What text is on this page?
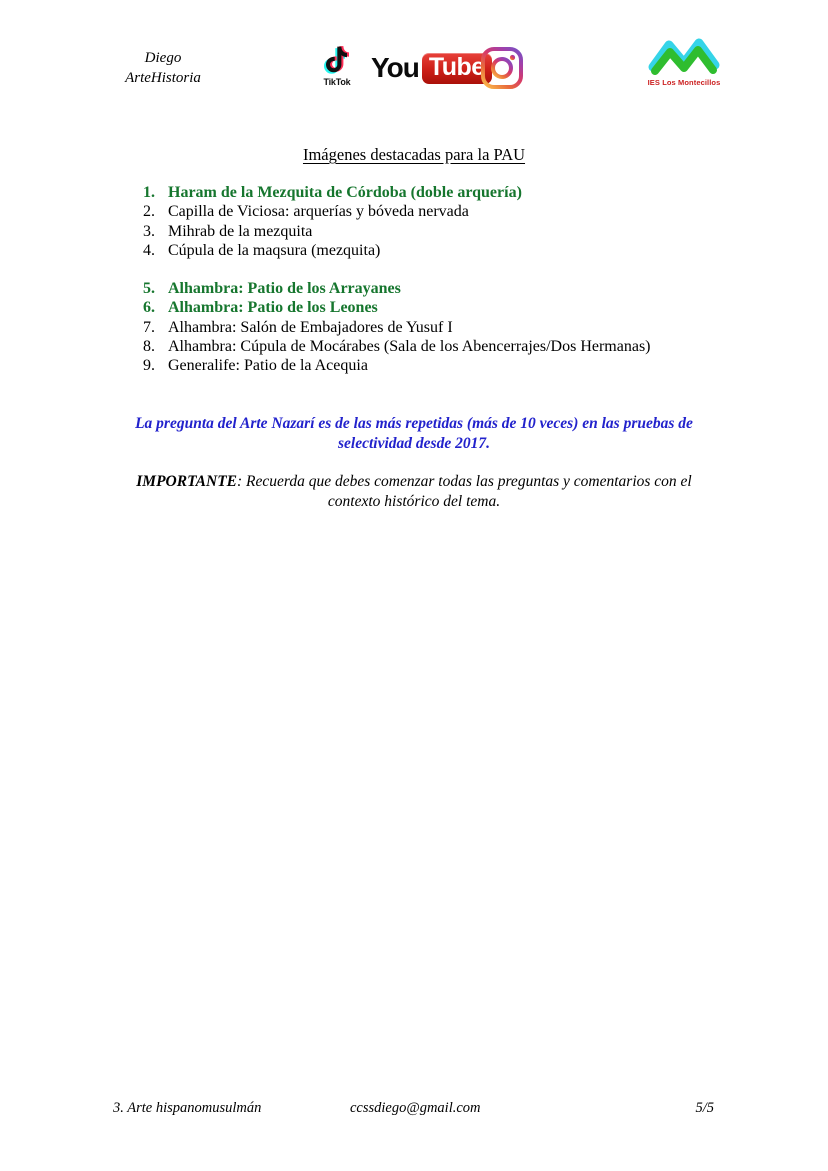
Diego
ArteHistoria	TikTok You Tube
IES Los Montecillos
Imágenes destacadas para la PAU
1. Haram de la Mezquita de Córdoba (doble arquería)
2. Capilla de Viciosa: arquerías y bóveda nervada
3. Mihrab de la mezquita
4. Cúpula de la maqsura (mezquita)
5. Alhambra: Patio de los Arrayanes
6. Alhambra: Patio de los Leones
7. Alhambra: Salón de Embajadores de Yusuf I
8. Alhambra: Cúpula de Mocárabes (Sala de los Abencerrajes/Dos Hermanas)
9. Generalife: Patio de la Acequia
La pregunta del Arte Nazarí es de las más repetidas (más de 10 veces) en las pruebas de selectividad desde 2017.
IMPORTANTE: Recuerda que debes comenzar todas las preguntas y comentarios con el contexto histórico del tema.
3. Arte hispanomusulmán	ccssdiego@gmail.com	5/5
